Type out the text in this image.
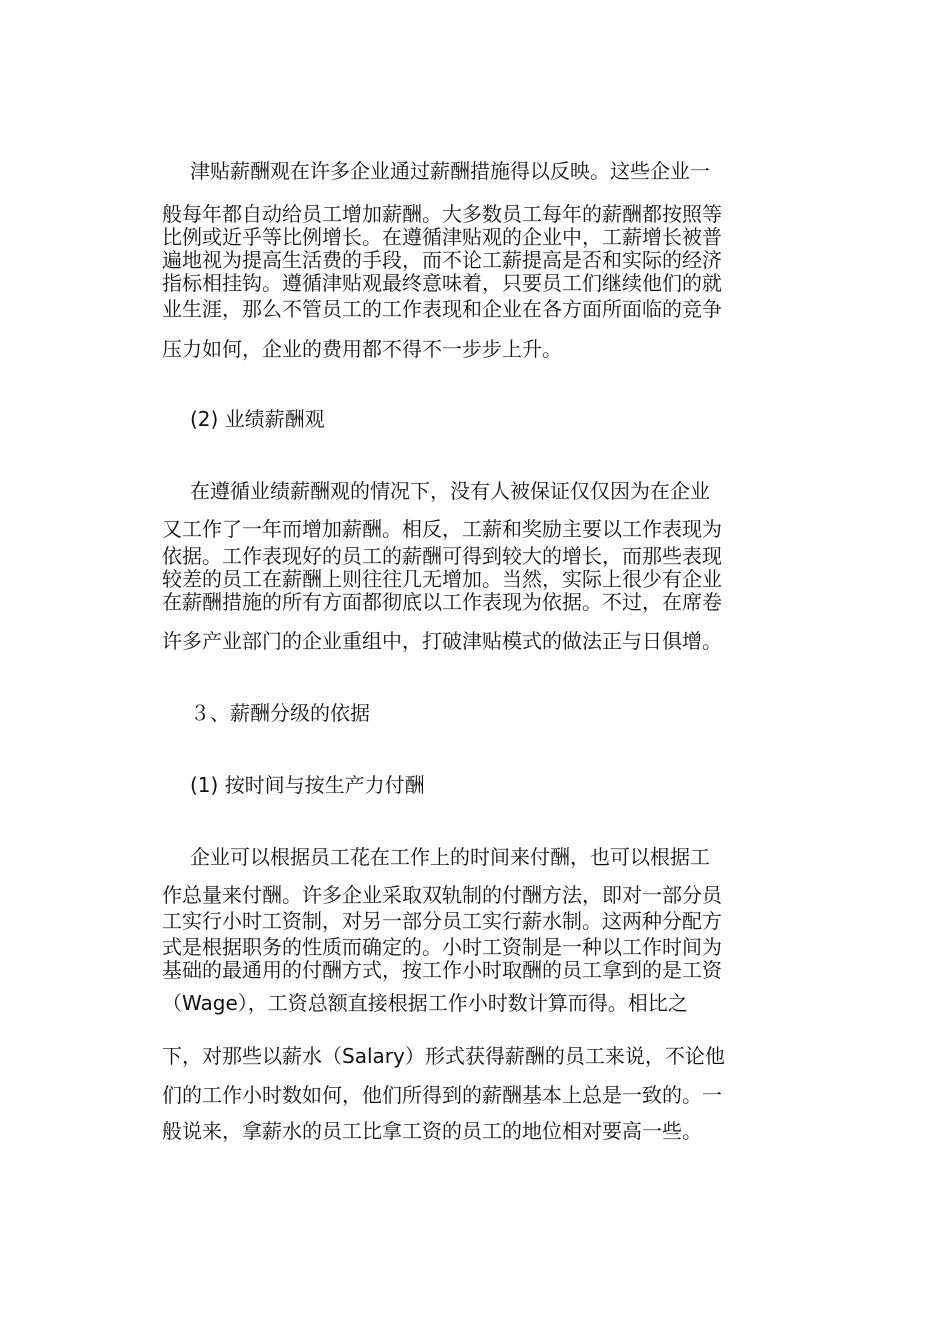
津贴薪酬观在许多企业通过薪酬措施得以反映。这些企业一
般每年都自动给员工增加薪酬。大多数员工每年的薪酬都按照等
比例或近乎等比例增长。在遵循津贴观的企业中，工薪增长被普
遍地视为提高生活费的手段，而不论工薪提高是否和实际的经济
指标相挂钩。遵循津贴观最终意味着，只要员工们继续他们的就
业生涯，那么不管员工的工作表现和企业在各方面所面临的竞争
压力如何，企业的费用都不得不一步步上升。
(2) 业绩薪酬观
在遵循业绩薪酬观的情况下，没有人被保证仅仅因为在企业
又工作了一年而增加薪酬。相反，工薪和奖励主要以工作表现为
依据。工作表现好的员工的薪酬可得到较大的增长，而那些表现
较差的员工在薪酬上则往往几无增加。当然，实际上很少有企业
在薪酬措施的所有方面都彻底以工作表现为依据。不过，在席卷
许多产业部门的企业重组中，打破津贴模式的做法正与日俱增。
３、薪酬分级的依据
(1) 按时间与按生产力付酬
企业可以根据员工花在工作上的时间来付酬，也可以根据工
作总量来付酬。许多企业采取双轨制的付酬方法，即对一部分员
工实行小时工资制，对另一部分员工实行薪水制。这两种分配方
式是根据职务的性质而确定的。小时工资制是一种以工作时间为
基础的最通用的付酬方式，按工作小时取酬的员工拿到的是工资
（Wage），工资总额直接根据工作小时数计算而得。相比之
下，对那些以薪水（Salary）形式获得薪酬的员工来说，不论他
们的工作小时数如何，他们所得到的薪酬基本上总是一致的。一
般说来，拿薪水的员工比拿工资的员工的地位相对要高一些。
